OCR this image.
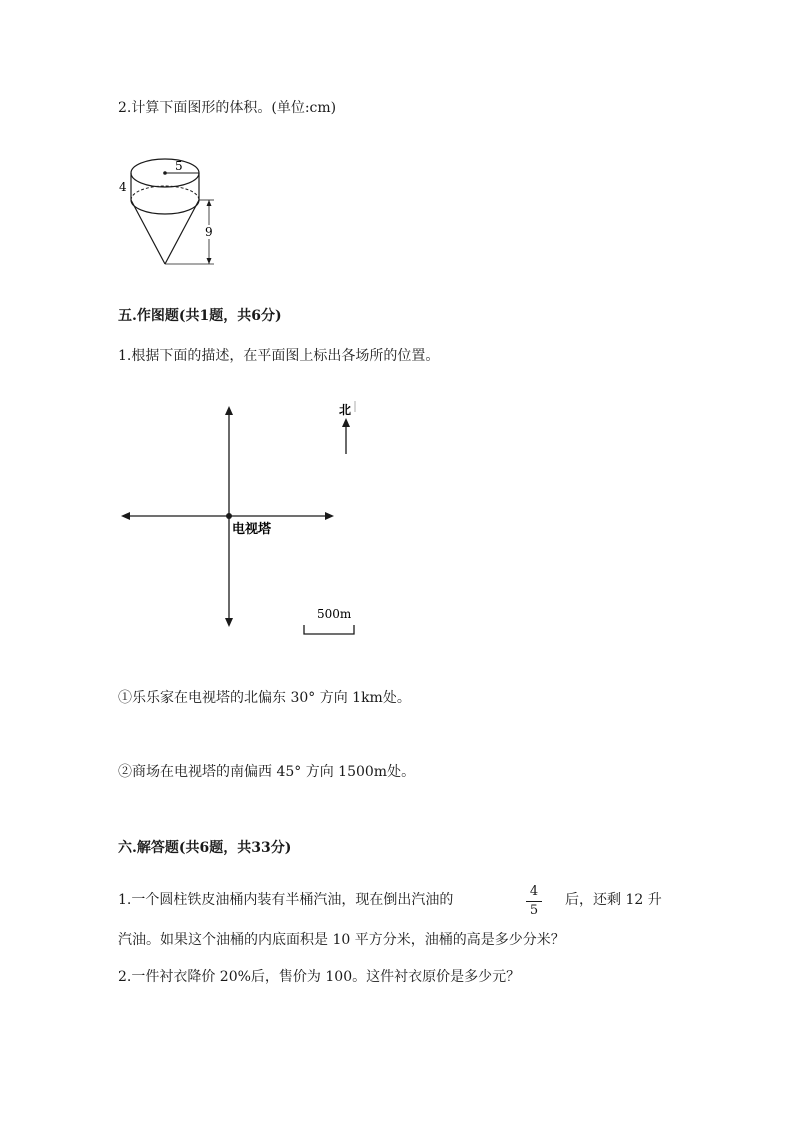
2.计算下面图形的体积。(单位:cm)
5
4
9
五.作图题(共1题，共6分)
1.根据下面的描述，在平面图上标出各场所的位置。
电视塔
北
500m
①乐乐家在电视塔的北偏东 30° 方向 1km处。
②商场在电视塔的南偏西 45° 方向 1500m处。
六.解答题(共6题，共33分)
1.一个圆柱铁皮油桶内装有半桶汽油，现在倒出汽油的
4
5
后，还剩 12 升
汽油。如果这个油桶的内底面积是 10 平方分米，油桶的高是多少分米？
2.一件衬衣降价 20%后，售价为 100。这件衬衣原价是多少元？
